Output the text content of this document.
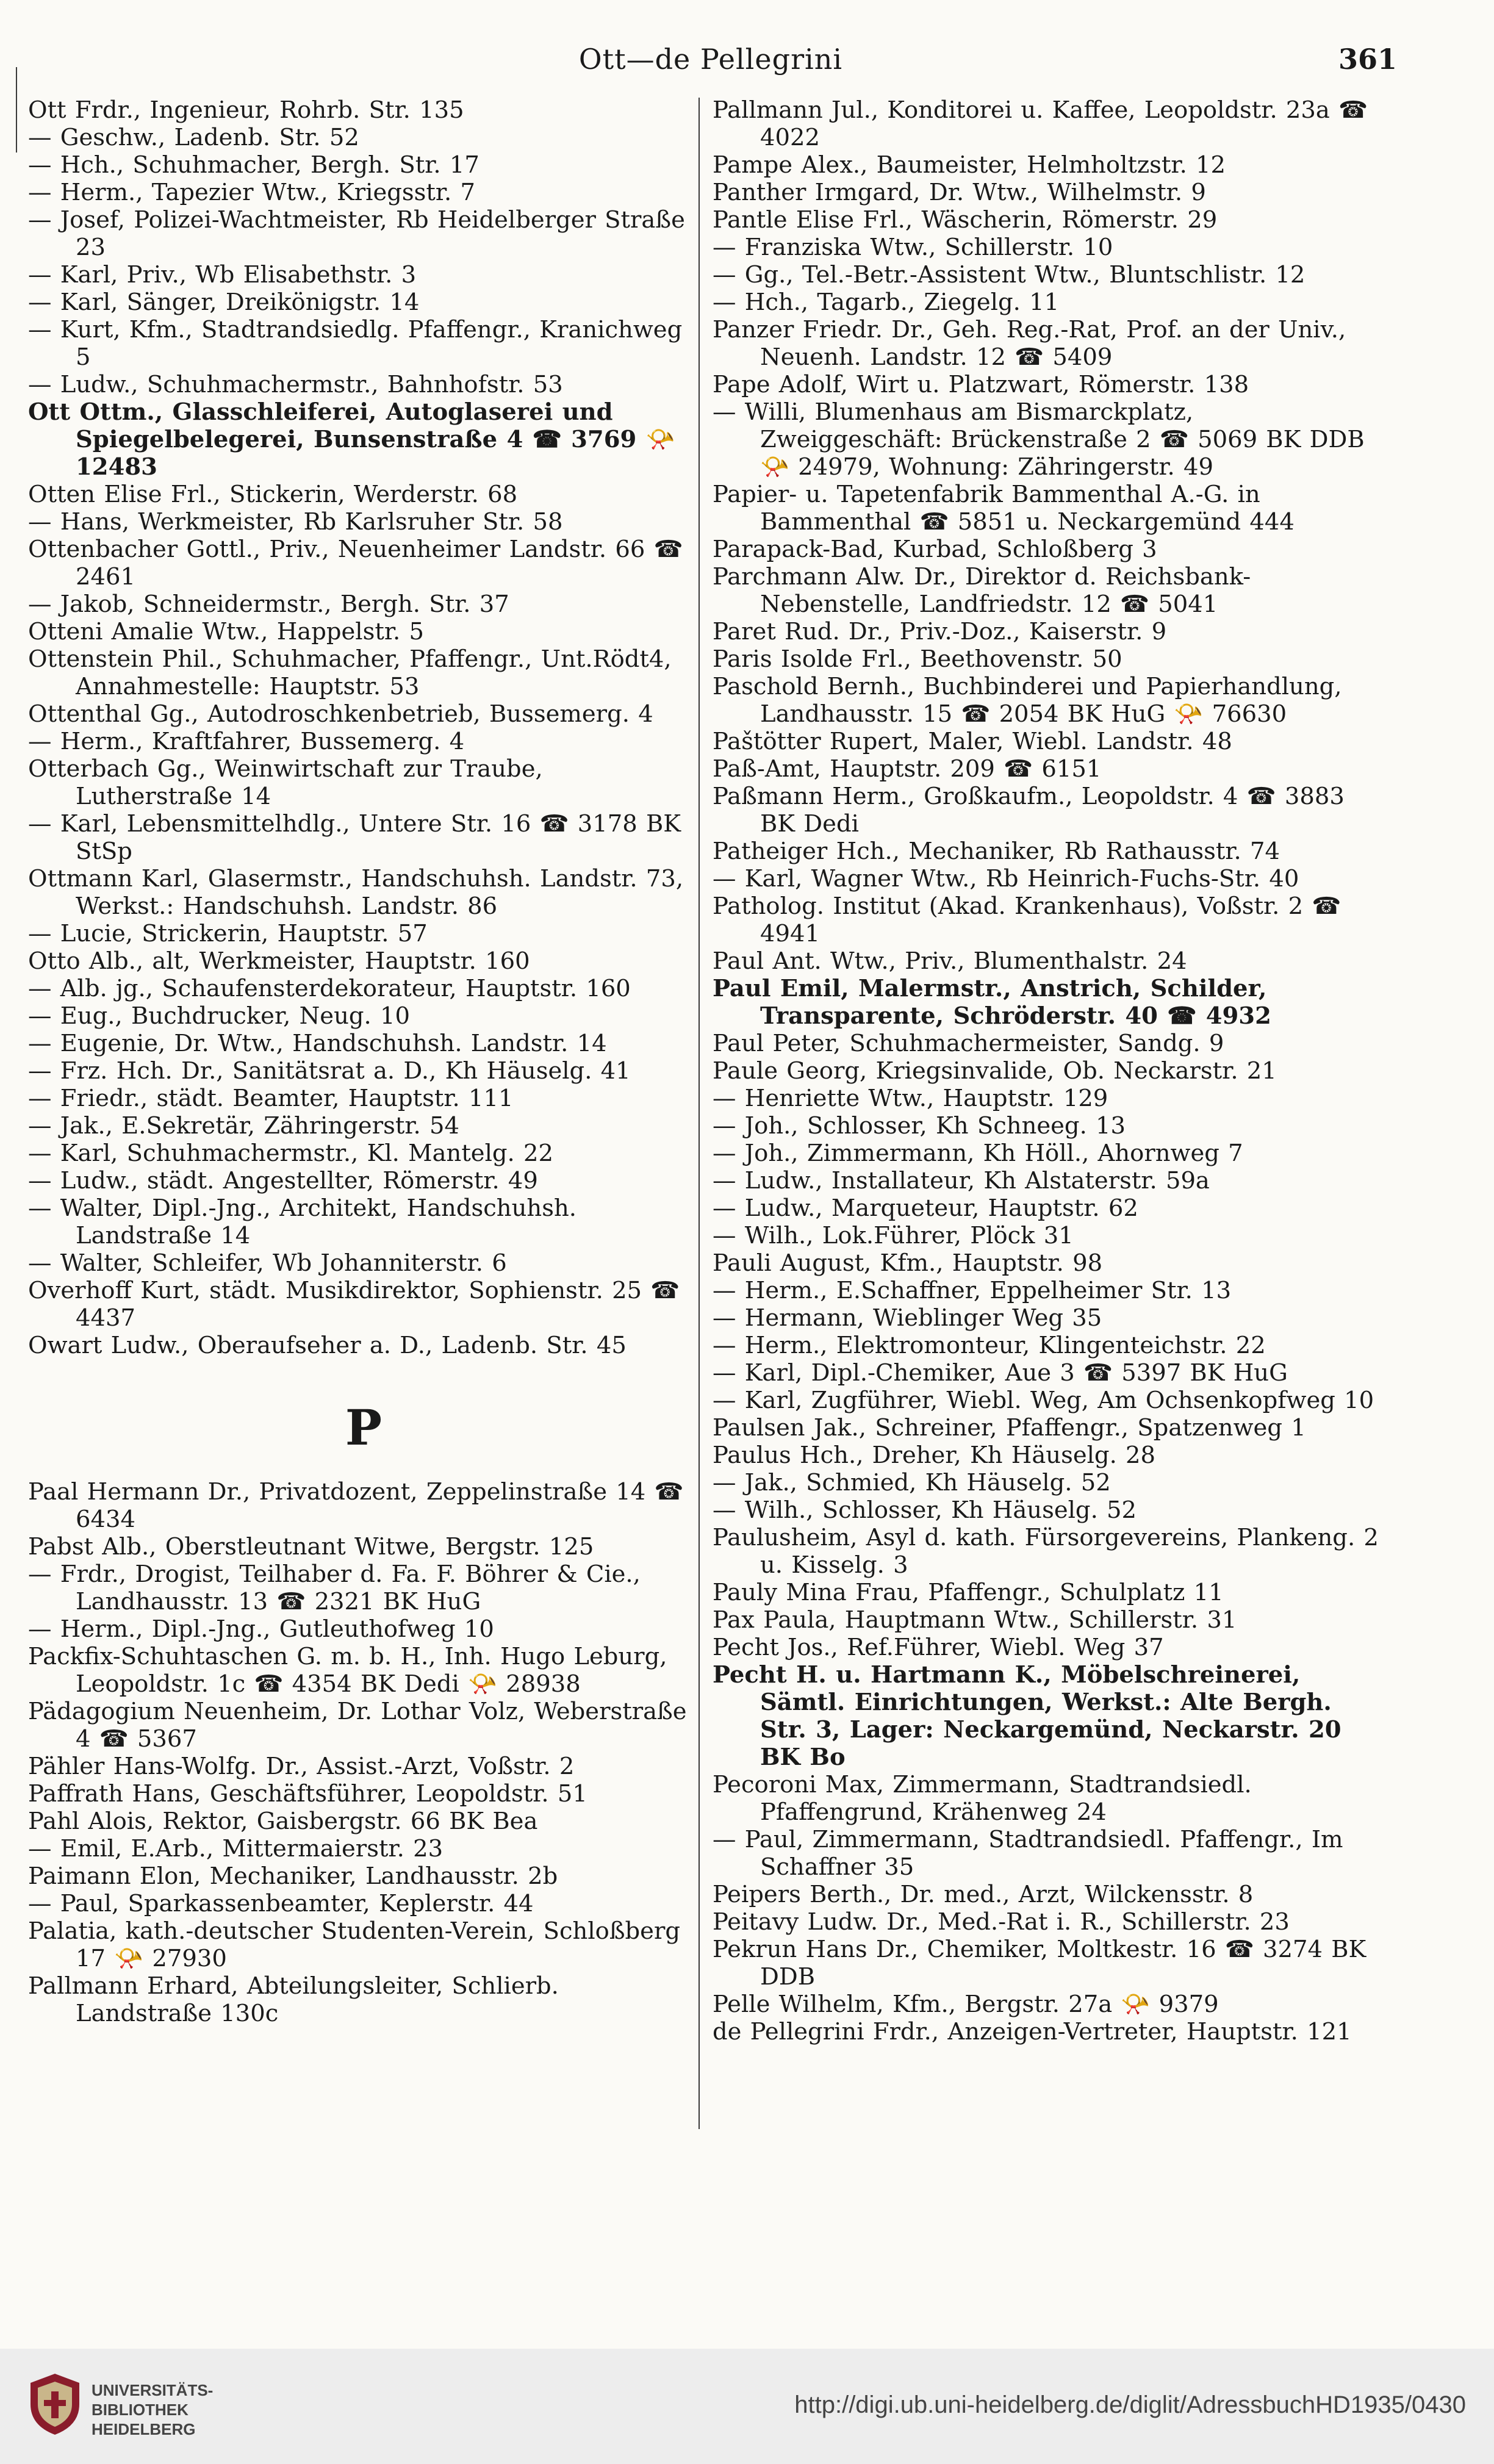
Ott—de Pellegrini	361

Ott Frdr., Ingenieur, Rohrb. Str. 135

— Geschw., Ladenb. Str. 52

— Hch., Schuhmacher, Bergh. Str. 17

— Herm., Tapezier Wtw., Kriegsstr. 7

— Josef, Polizei-Wachtmeister, Rb Heidelberger Straße 23

— Karl, Priv., Wb Elisabethstr. 3

— Karl, Sänger, Dreikönigstr. 14

— Kurt, Kfm., Stadtrandsiedlg. Pfaffengr., Kranichweg 5

— Ludw., Schuhmachermstr., Bahnhofstr. 53

Ott Ottm., Glasschleiferei, Autoglaserei und Spiegelbelegerei, Bunsenstraße 4 ☎ 3769 📯 12483

Otten Elise Frl., Stickerin, Werderstr. 68

— Hans, Werkmeister, Rb Karlsruher Str. 58

Ottenbacher Gottl., Priv., Neuenheimer Landstr. 66 ☎ 2461

— Jakob, Schneidermstr., Bergh. Str. 37

Otteni Amalie Wtw., Happelstr. 5

Ottenstein Phil., Schuhmacher, Pfaffengr., Unt.Rödt4, Annahmestelle: Hauptstr. 53

Ottenthal Gg., Autodroschkenbetrieb, Bussemerg. 4

— Herm., Kraftfahrer, Bussemerg. 4

Otterbach Gg., Weinwirtschaft zur Traube, Lutherstraße 14

— Karl, Lebensmittelhdlg., Untere Str. 16 ☎ 3178 BK StSp

Ottmann Karl, Glasermstr., Handschuhsh. Landstr. 73, Werkst.: Handschuhsh. Landstr. 86

— Lucie, Strickerin, Hauptstr. 57

Otto Alb., alt, Werkmeister, Hauptstr. 160

— Alb. jg., Schaufensterdekorateur, Hauptstr. 160

— Eug., Buchdrucker, Neug. 10

— Eugenie, Dr. Wtw., Handschuhsh. Landstr. 14

— Frz. Hch. Dr., Sanitätsrat a. D., Kh Häuselg. 41

— Friedr., städt. Beamter, Hauptstr. 111

— Jak., E.Sekretär, Zähringerstr. 54

— Karl, Schuhmachermstr., Kl. Mantelg. 22

— Ludw., städt. Angestellter, Römerstr. 49

— Walter, Dipl.-Jng., Architekt, Handschuhsh. Landstraße 14

— Walter, Schleifer, Wb Johanniterstr. 6

Overhoff Kurt, städt. Musikdirektor, Sophienstr. 25 ☎ 4437

Owart Ludw., Oberaufseher a. D., Ladenb. Str. 45

P

Paal Hermann Dr., Privatdozent, Zeppelinstraße 14 ☎ 6434

Pabst Alb., Oberstleutnant Witwe, Bergstr. 125

— Frdr., Drogist, Teilhaber d. Fa. F. Böhrer & Cie., Landhausstr. 13 ☎ 2321 BK HuG

— Herm., Dipl.-Jng., Gutleuthofweg 10

Packfix-Schuhtaschen G. m. b. H., Inh. Hugo Leburg, Leopoldstr. 1c ☎ 4354 BK Dedi 📯 28938

Pädagogium Neuenheim, Dr. Lothar Volz, Weberstraße 4 ☎ 5367

Pähler Hans-Wolfg. Dr., Assist.-Arzt, Voßstr. 2

Paffrath Hans, Geschäftsführer, Leopoldstr. 51

Pahl Alois, Rektor, Gaisbergstr. 66 BK Bea

— Emil, E.Arb., Mittermaierstr. 23

Paimann Elon, Mechaniker, Landhausstr. 2b

— Paul, Sparkassenbeamter, Keplerstr. 44

Palatia, kath.-deutscher Studenten-Verein, Schloßberg 17 📯 27930

Pallmann Erhard, Abteilungsleiter, Schlierb. Landstraße 130c

Pallmann Jul., Konditorei u. Kaffee, Leopoldstr. 23a ☎ 4022

Pampe Alex., Baumeister, Helmholtzstr. 12

Panther Irmgard, Dr. Wtw., Wilhelmstr. 9

Pantle Elise Frl., Wäscherin, Römerstr. 29

— Franziska Wtw., Schillerstr. 10

— Gg., Tel.-Betr.-Assistent Wtw., Bluntschlistr. 12

— Hch., Tagarb., Ziegelg. 11

Panzer Friedr. Dr., Geh. Reg.-Rat, Prof. an der Univ., Neuenh. Landstr. 12 ☎ 5409

Pape Adolf, Wirt u. Platzwart, Römerstr. 138

— Willi, Blumenhaus am Bismarckplatz, Zweiggeschäft: Brückenstraße 2 ☎ 5069 BK DDB 📯 24979, Wohnung: Zähringerstr. 49

Papier- u. Tapetenfabrik Bammenthal A.-G. in Bammenthal ☎ 5851 u. Neckargemünd 444

Parapack-Bad, Kurbad, Schloßberg 3

Parchmann Alw. Dr., Direktor d. Reichsbank-Nebenstelle, Landfriedstr. 12 ☎ 5041

Paret Rud. Dr., Priv.-Doz., Kaiserstr. 9

Paris Isolde Frl., Beethovenstr. 50

Paschold Bernh., Buchbinderei und Papierhandlung, Landhausstr. 15 ☎ 2054 BK HuG 📯 76630

Paštötter Rupert, Maler, Wiebl. Landstr. 48

Paß-Amt, Hauptstr. 209 ☎ 6151

Paßmann Herm., Großkaufm., Leopoldstr. 4 ☎ 3883 BK Dedi

Patheiger Hch., Mechaniker, Rb Rathausstr. 74

— Karl, Wagner Wtw., Rb Heinrich-Fuchs-Str. 40

Patholog. Institut (Akad. Krankenhaus), Voßstr. 2 ☎ 4941

Paul Ant. Wtw., Priv., Blumenthalstr. 24

Paul Emil, Malermstr., Anstrich, Schilder, Transparente, Schröderstr. 40 ☎ 4932

Paul Peter, Schuhmachermeister, Sandg. 9

Paule Georg, Kriegsinvalide, Ob. Neckarstr. 21

— Henriette Wtw., Hauptstr. 129

— Joh., Schlosser, Kh Schneeg. 13

— Joh., Zimmermann, Kh Höll., Ahornweg 7

— Ludw., Installateur, Kh Alstaterstr. 59a

— Ludw., Marqueteur, Hauptstr. 62

— Wilh., Lok.Führer, Plöck 31

Pauli August, Kfm., Hauptstr. 98

— Herm., E.Schaffner, Eppelheimer Str. 13

— Hermann, Wieblinger Weg 35

— Herm., Elektromonteur, Klingenteichstr. 22

— Karl, Dipl.-Chemiker, Aue 3 ☎ 5397 BK HuG

— Karl, Zugführer, Wiebl. Weg, Am Ochsenkopfweg 10

Paulsen Jak., Schreiner, Pfaffengr., Spatzenweg 1

Paulus Hch., Dreher, Kh Häuselg. 28

— Jak., Schmied, Kh Häuselg. 52

— Wilh., Schlosser, Kh Häuselg. 52

Paulusheim, Asyl d. kath. Fürsorgevereins, Plankeng. 2 u. Kisselg. 3

Pauly Mina Frau, Pfaffengr., Schulplatz 11

Pax Paula, Hauptmann Wtw., Schillerstr. 31

Pecht Jos., Ref.Führer, Wiebl. Weg 37

Pecht H. u. Hartmann K., Möbelschreinerei, Sämtl. Einrichtungen, Werkst.: Alte Bergh. Str. 3, Lager: Neckargemünd, Neckarstr. 20 BK Bo

Pecoroni Max, Zimmermann, Stadtrandsiedl. Pfaffengrund, Krähenweg 24

— Paul, Zimmermann, Stadtrandsiedl. Pfaffengr., Im Schaffner 35

Peipers Berth., Dr. med., Arzt, Wilckensstr. 8

Peitavy Ludw. Dr., Med.-Rat i. R., Schillerstr. 23

Pekrun Hans Dr., Chemiker, Moltkestr. 16 ☎ 3274 BK DDB

Pelle Wilhelm, Kfm., Bergstr. 27a 📯 9379

de Pellegrini Frdr., Anzeigen-Vertreter, Hauptstr. 121

UNIVERSITÄTS-
BIBLIOTHEK
HEIDELBERG
http://digi.ub.uni-heidelberg.de/diglit/AdressbuchHD1935/0430
